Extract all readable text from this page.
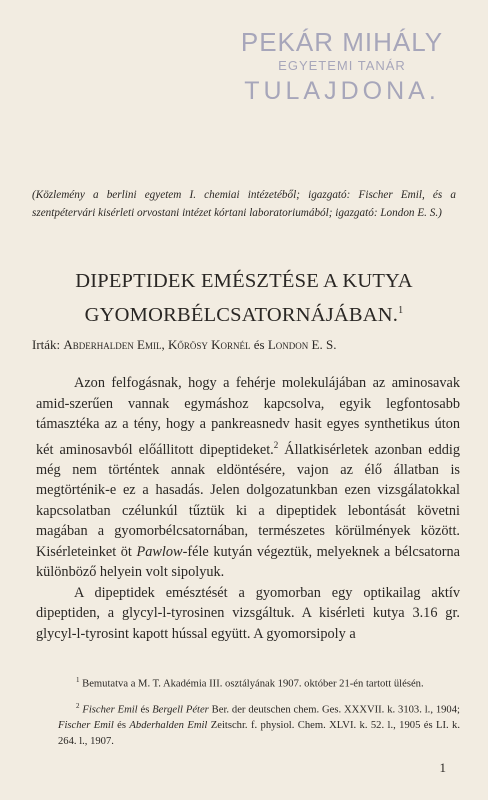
PEKÁR MIHÁLY
EGYETEMI TANÁR
TULAJDONA.
(Közlemény a berlini egyetem I. chemiai intézetéből; igazgató: Fischer Emil, és a szentpétervári kisérleti orvostani intézet kórtani laboratoriumából; igazgató: London E. S.)
DIPEPTIDEK EMÉSZTÉSE A KUTYA GYOMORBÉLCSATORNÁJÁBAN.$^1$
Irták: Abderhalden Emil, Kőrösy Kornél és London E. S.

Azon felfogásnak, hogy a fehérje molekulájában az aminosavak amid-szerűen vannak egymáshoz kapcsolva, egyik legfontosabb támasztéka az a tény, hogy a pankreasnedv hasit egyes synthetikus úton két aminosavból előállitott dipeptideket.$^2$ Állatkisérletek azonban eddig még nem történtek annak eldöntésére, vajon az élő állatban is megtörténik-e ez a hasadás. Jelen dolgozatunkban ezen vizsgálatokkal kapcsolatban czélunkúl tűztük ki a dipeptidek lebontását követni magában a gyomorbélcsatornában, természetes körülmények között. Kisérleteinket öt Pawlow-féle kutyán végeztük, melyeknek a bélcsatorna különböző helyein volt sipolyuk.

A dipeptidek emésztését a gyomorban egy optikailag aktív dipeptiden, a glycyl-l-tyrosinen vizsgáltuk. A kisérleti kutya 3.16 gr. glycyl-l-tyrosint kapott hússal együtt. A gyomorsipoly a

$^1$ Bemutatva a M. T. Akadémia III. osztályának 1907. október 21-én tartott ülésén.

$^2$ Fischer Emil és Bergell Péter Ber. der deutschen chem. Ges. XXXVII. k. 3103. l., 1904; Fischer Emil és Abderhalden Emil Zeitschr. f. physiol. Chem. XLVI. k. 52. l., 1905 és LI. k. 264. l., 1907.

1
